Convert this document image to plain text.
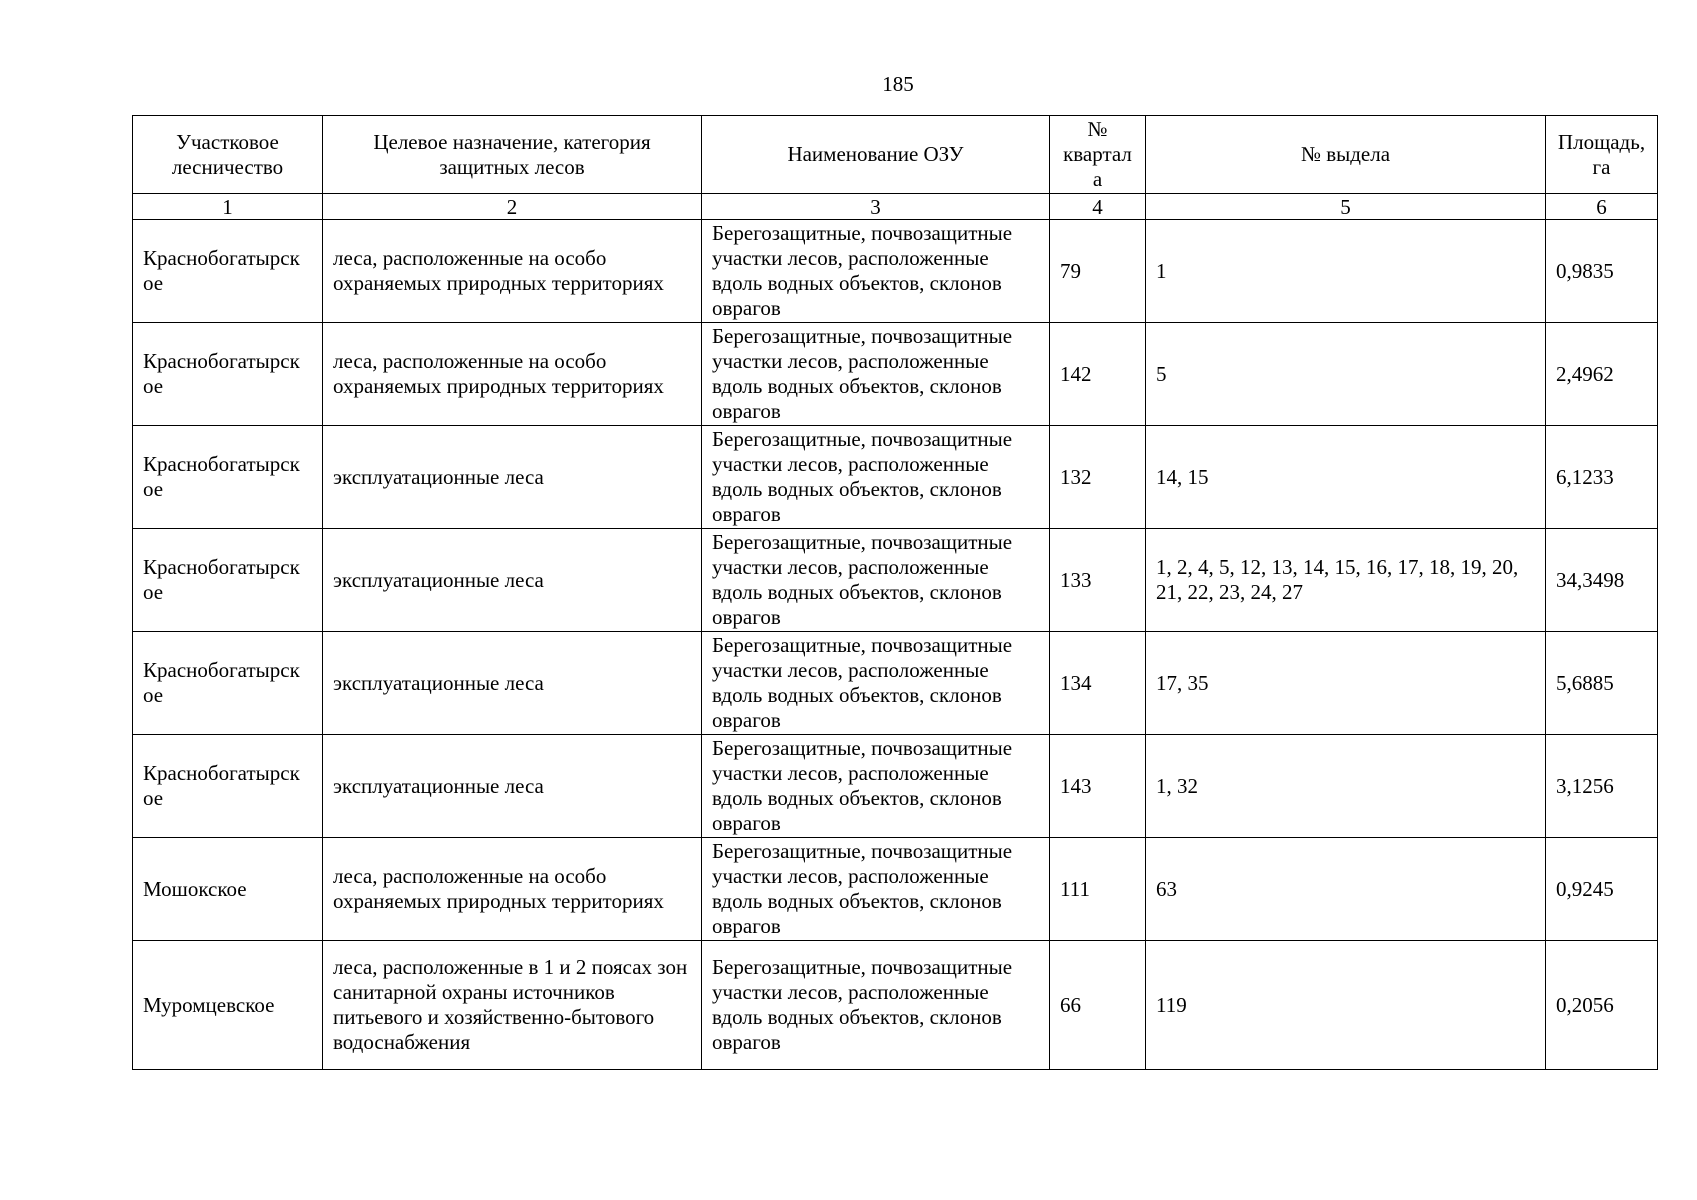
185
Участковое лесничество	Целевое назначение, категория защитных лесов	Наименование ОЗУ	№ квартал а	№ выдела	Площадь, га
1	2	3	4	5	6
Краснобогатырск ое	леса, расположенные на особо охраняемых природных территориях	Берегозащитные, почвозащитные участки лесов, расположенные вдоль водных объектов, склонов оврагов	79	1	0,9835
Краснобогатырск ое	леса, расположенные на особо охраняемых природных территориях	Берегозащитные, почвозащитные участки лесов, расположенные вдоль водных объектов, склонов оврагов	142	5	2,4962
Краснобогатырск ое	эксплуатационные леса	Берегозащитные, почвозащитные участки лесов, расположенные вдоль водных объектов, склонов оврагов	132	14, 15	6,1233
Краснобогатырск ое	эксплуатационные леса	Берегозащитные, почвозащитные участки лесов, расположенные вдоль водных объектов, склонов оврагов	133	1, 2, 4, 5, 12, 13, 14, 15, 16, 17, 18, 19, 20, 21, 22, 23, 24, 27	34,3498
Краснобогатырск ое	эксплуатационные леса	Берегозащитные, почвозащитные участки лесов, расположенные вдоль водных объектов, склонов оврагов	134	17, 35	5,6885
Краснобогатырск ое	эксплуатационные леса	Берегозащитные, почвозащитные участки лесов, расположенные вдоль водных объектов, склонов оврагов	143	1, 32	3,1256
Мошокское	леса, расположенные на особо охраняемых природных территориях	Берегозащитные, почвозащитные участки лесов, расположенные вдоль водных объектов, склонов оврагов	111	63	0,9245
Муромцевское	леса, расположенные в 1 и 2 поясах зон санитарной охраны источников питьевого и хозяйственно-бытового водоснабжения	Берегозащитные, почвозащитные участки лесов, расположенные вдоль водных объектов, склонов оврагов	66	119	0,2056
